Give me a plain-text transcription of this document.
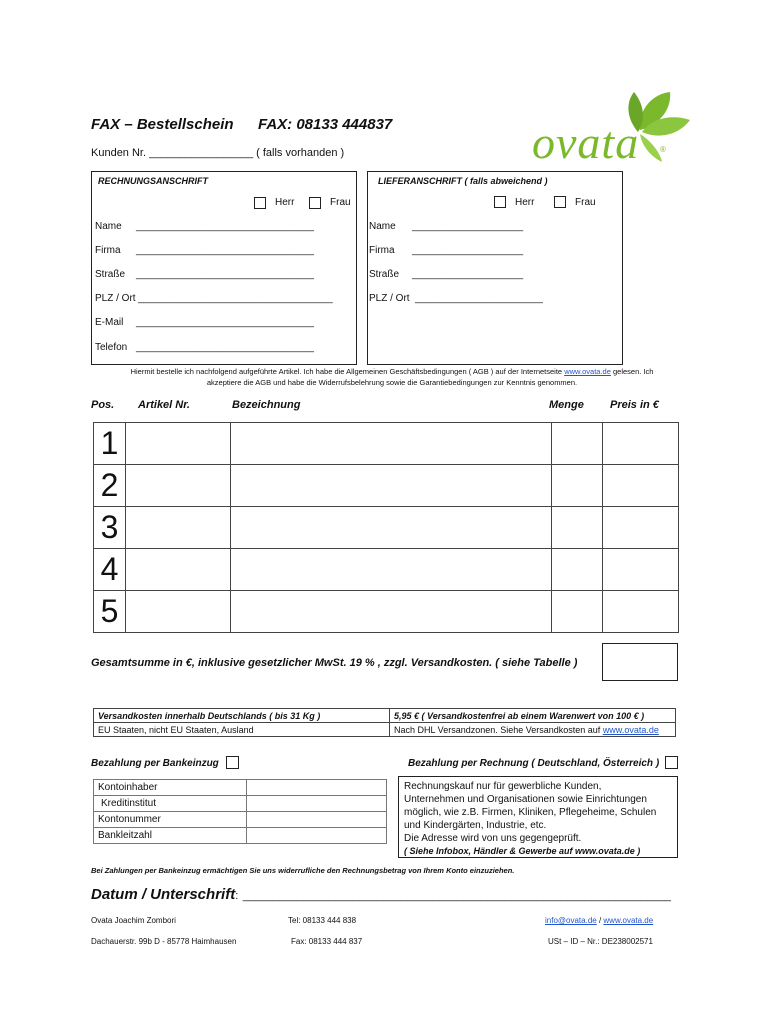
FAX – Bestellschein FAX: 08133 444837
Kunden Nr. _________________ ( falls vorhanden )	ovata	®
RECHNUNGSANSCHRIFT
Herr	Frau
Name ________________________________
Firma ________________________________
Straße ________________________________
PLZ / Ort ___________________________________
E-Mail ________________________________
Telefon ________________________________
LIEFERANSCHRIFT ( falls abweichend )
Herr	Frau
Name ____________________
Firma ____________________
Straße ____________________
PLZ / Ort _______________________
Hiermit bestelle ich nachfolgend aufgeführte Artikel. Ich habe die Allgemeinen Geschäftsbedingungen ( AGB ) auf der Internetseite www.ovata.de gelesen. Ich
akzeptiere die AGB und habe die Widerrufsbelehrung sowie die Garantiebedingungen zur Kenntnis genommen.
Pos. Artikel Nr.	Bezeichnung	Menge Preis in €
1				
2				
3				
4				
5				
Gesamtsumme in €, inklusive gesetzlicher MwSt. 19 % , zzgl. Versandkosten. ( siehe Tabelle )
Versandkosten innerhalb Deutschlands ( bis 31 Kg )	5,95 € ( Versandkostenfrei ab einem Warenwert von 100 € )
EU Staaten, nicht EU Staaten, Ausland	Nach DHL Versandzonen. Siehe Versandkosten auf www.ovata.de
Bezahlung per Bankeinzug	Bezahlung per Rechnung ( Deutschland, Österreich )
Kontoinhaber	
Kreditinstitut	
Kontonummer	
Bankleitzahl	
Rechnungskauf nur für gewerbliche Kunden,
Unternehmen und Organisationen sowie Einrichtungen
möglich, wie z.B. Firmen, Kliniken, Pflegeheime, Schulen
und Kindergärten, Industrie, etc.
Die Adresse wird von uns gegengeprüft.
( Siehe Infobox, Händler & Gewerbe auf www.ovata.de )
Bei Zahlungen per Bankeinzug ermächtigen Sie uns widerrufliche den Rechnungsbetrag von Ihrem Konto einzuziehen.
Datum / Unterschrift: ______________________________________________________________________
Ovata Joachim Zombori	Tel: 08133 444 838	info@ovata.de / www.ovata.de
Dachauerstr. 99b D - 85778 Haimhausen	Fax: 08133 444 837	USt – ID – Nr.: DE238002571
